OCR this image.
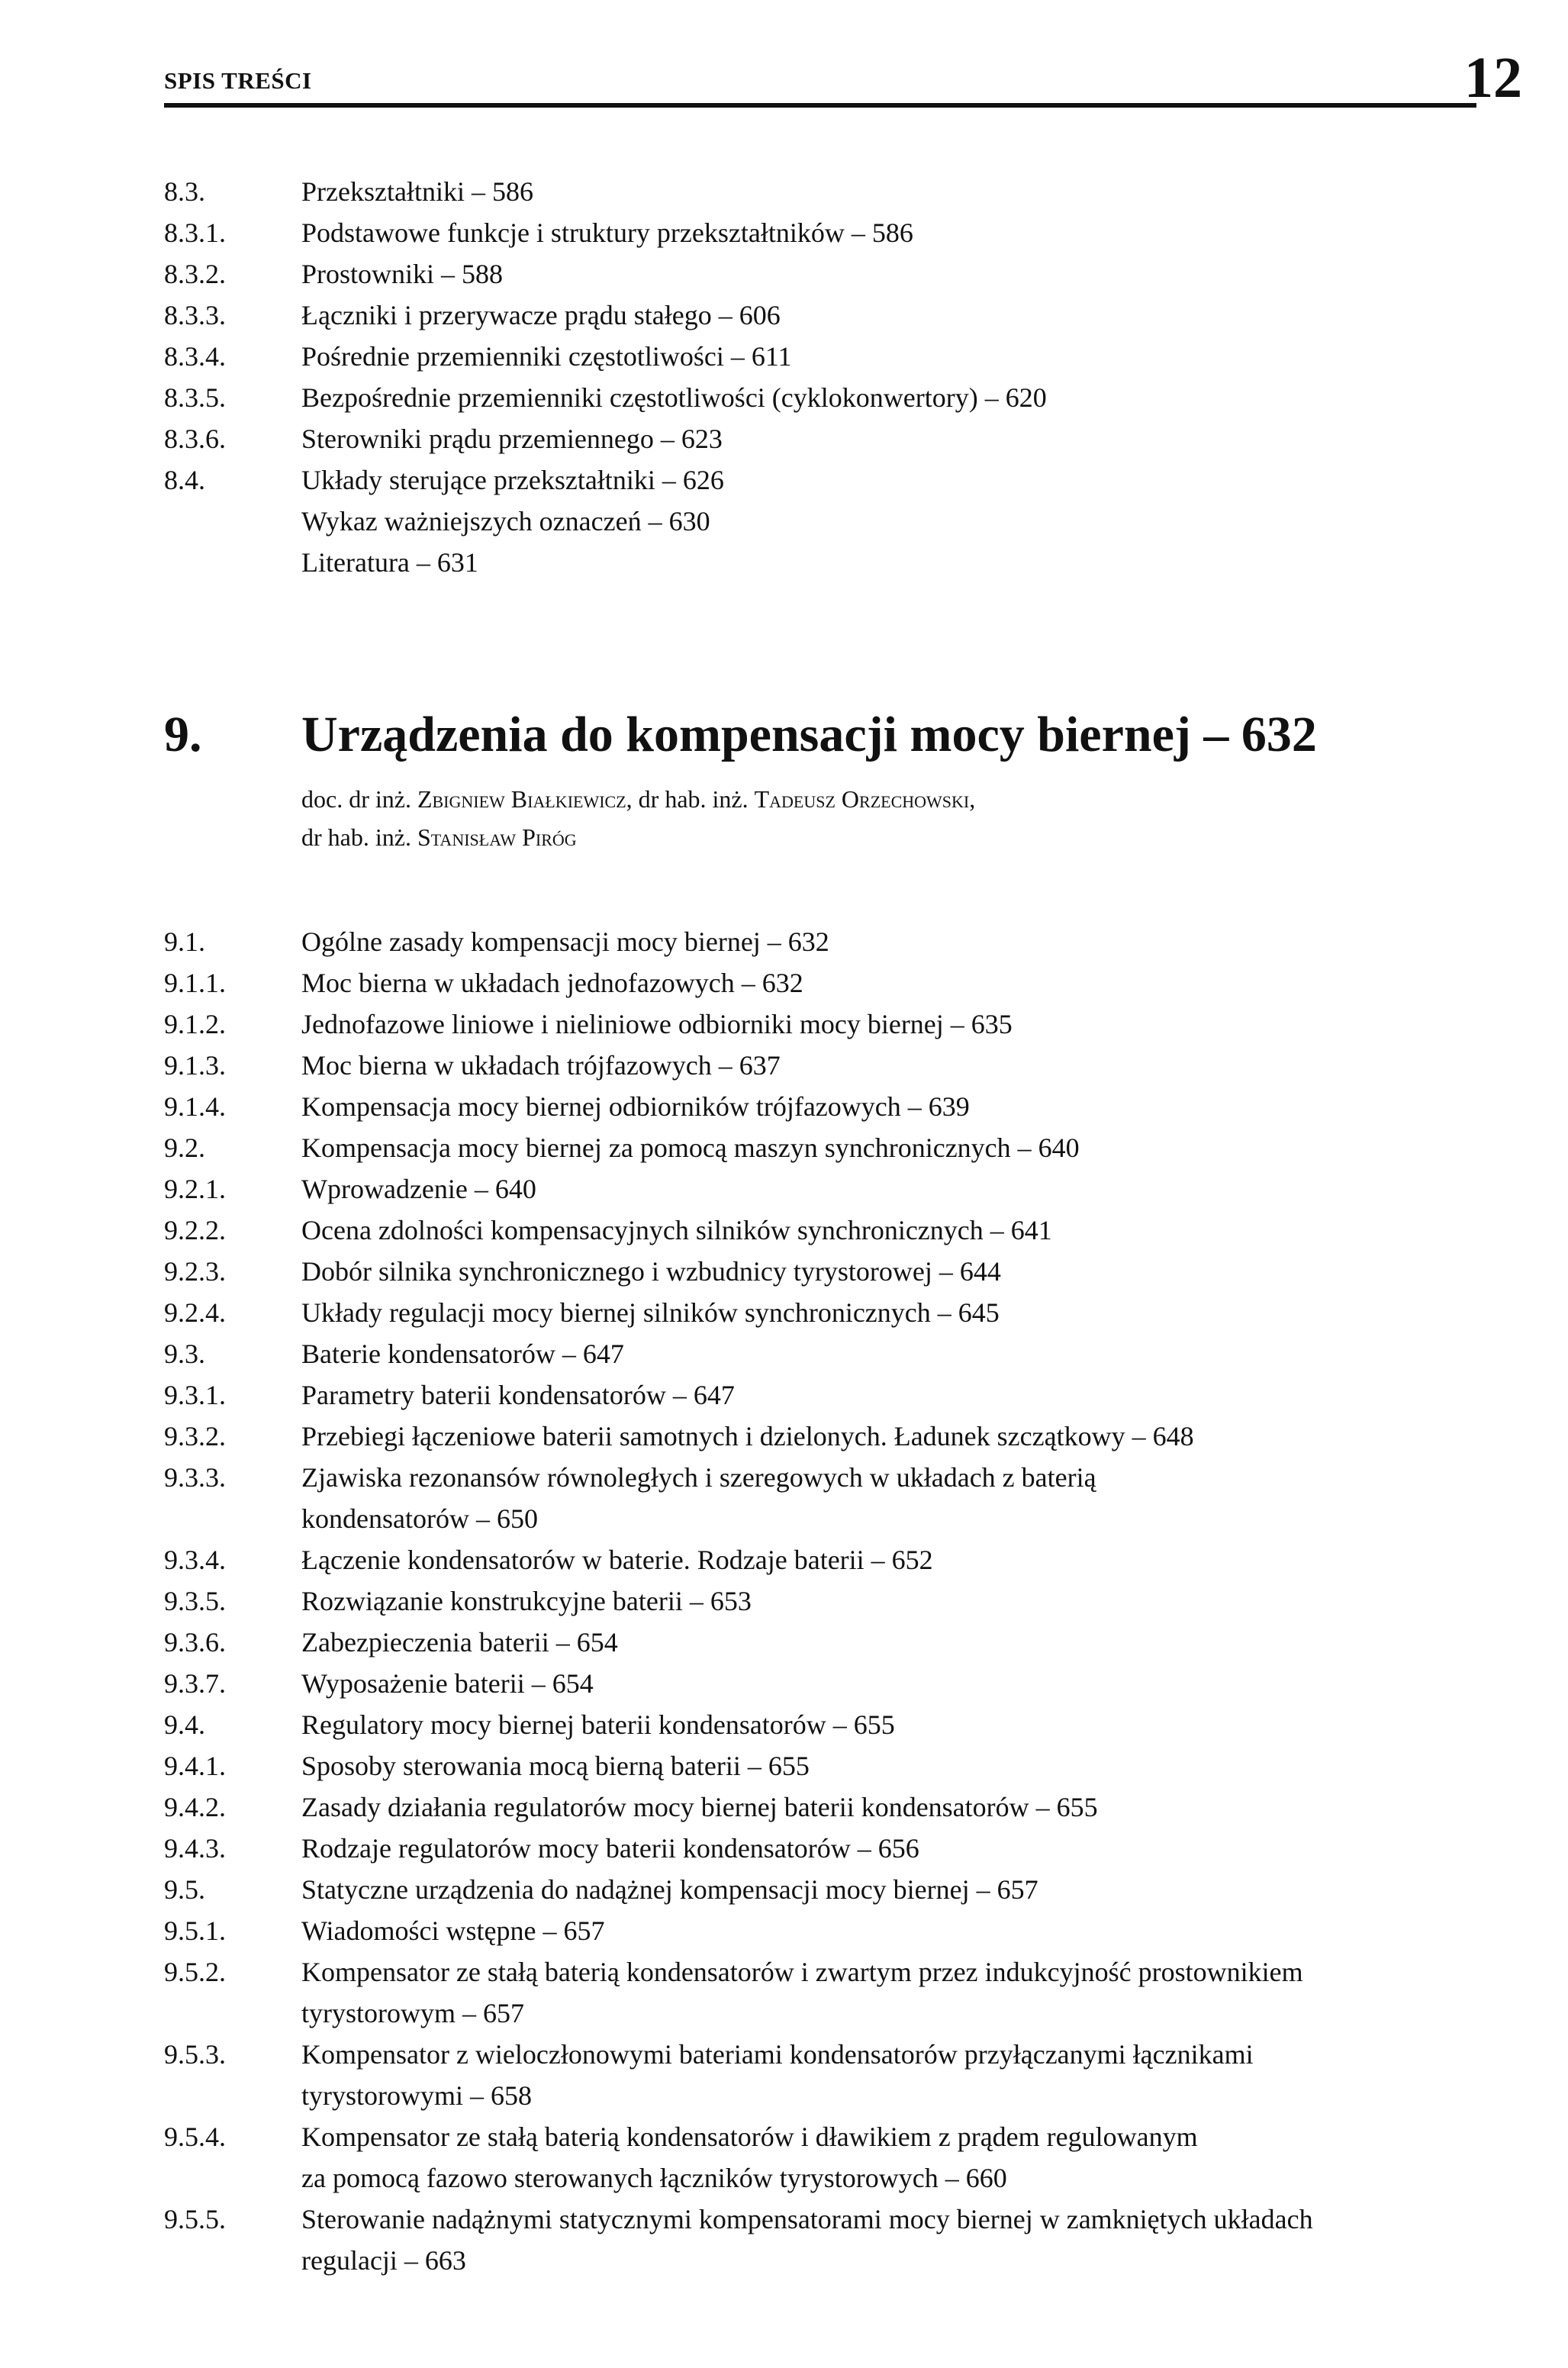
SPIS TREŚCI	12
8.3.	Przekształtniki – 586
8.3.1.	Podstawowe funkcje i struktury przekształtników – 586
8.3.2.	Prostowniki – 588
8.3.3.	Łączniki i przerywacze prądu stałego – 606
8.3.4.	Pośrednie przemienniki częstotliwości – 611
8.3.5.	Bezpośrednie przemienniki częstotliwości (cyklokonwertory) – 620
8.3.6.	Sterowniki prądu przemiennego – 623
8.4.	Układy sterujące przekształtniki – 626
Wykaz ważniejszych oznaczeń – 630
Literatura – 631
9. Urządzenia do kompensacji mocy biernej – 632
doc. dr inż. Zbigniew Białkiewicz, dr hab. inż. Tadeusz Orzechowski,
dr hab. inż. Stanisław Piróg
9.1.	Ogólne zasady kompensacji mocy biernej – 632
9.1.1.	Moc bierna w układach jednofazowych – 632
9.1.2.	Jednofazowe liniowe i nieliniowe odbiorniki mocy biernej – 635
9.1.3.	Moc bierna w układach trójfazowych – 637
9.1.4.	Kompensacja mocy biernej odbiorników trójfazowych – 639
9.2.	Kompensacja mocy biernej za pomocą maszyn synchronicznych – 640
9.2.1.	Wprowadzenie – 640
9.2.2.	Ocena zdolności kompensacyjnych silników synchronicznych – 641
9.2.3.	Dobór silnika synchronicznego i wzbudnicy tyrystorowej – 644
9.2.4.	Układy regulacji mocy biernej silników synchronicznych – 645
9.3.	Baterie kondensatorów – 647
9.3.1.	Parametry baterii kondensatorów – 647
9.3.2.	Przebiegi łączeniowe baterii samotnych i dzielonych. Ładunek szczątkowy – 648
9.3.3.	Zjawiska rezonansów równoległych i szeregowych w układach z baterią
kondensatorów – 650
9.3.4.	Łączenie kondensatorów w baterie. Rodzaje baterii – 652
9.3.5.	Rozwiązanie konstrukcyjne baterii – 653
9.3.6.	Zabezpieczenia baterii – 654
9.3.7.	Wyposażenie baterii – 654
9.4.	Regulatory mocy biernej baterii kondensatorów – 655
9.4.1.	Sposoby sterowania mocą bierną baterii – 655
9.4.2.	Zasady działania regulatorów mocy biernej baterii kondensatorów – 655
9.4.3.	Rodzaje regulatorów mocy baterii kondensatorów – 656
9.5.	Statyczne urządzenia do nadążnej kompensacji mocy biernej – 657
9.5.1.	Wiadomości wstępne – 657
9.5.2.	Kompensator ze stałą baterią kondensatorów i zwartym przez indukcyjność prostownikiem
tyrystorowym – 657
9.5.3.	Kompensator z wieloczłonowymi bateriami kondensatorów przyłączanymi łącznikami
tyrystorowymi – 658
9.5.4.	Kompensator ze stałą baterią kondensatorów i dławikiem z prądem regulowanym
za pomocą fazowo sterowanych łączników tyrystorowych – 660
9.5.5.	Sterowanie nadążnymi statycznymi kompensatorami mocy biernej w zamkniętych układach
regulacji – 663
